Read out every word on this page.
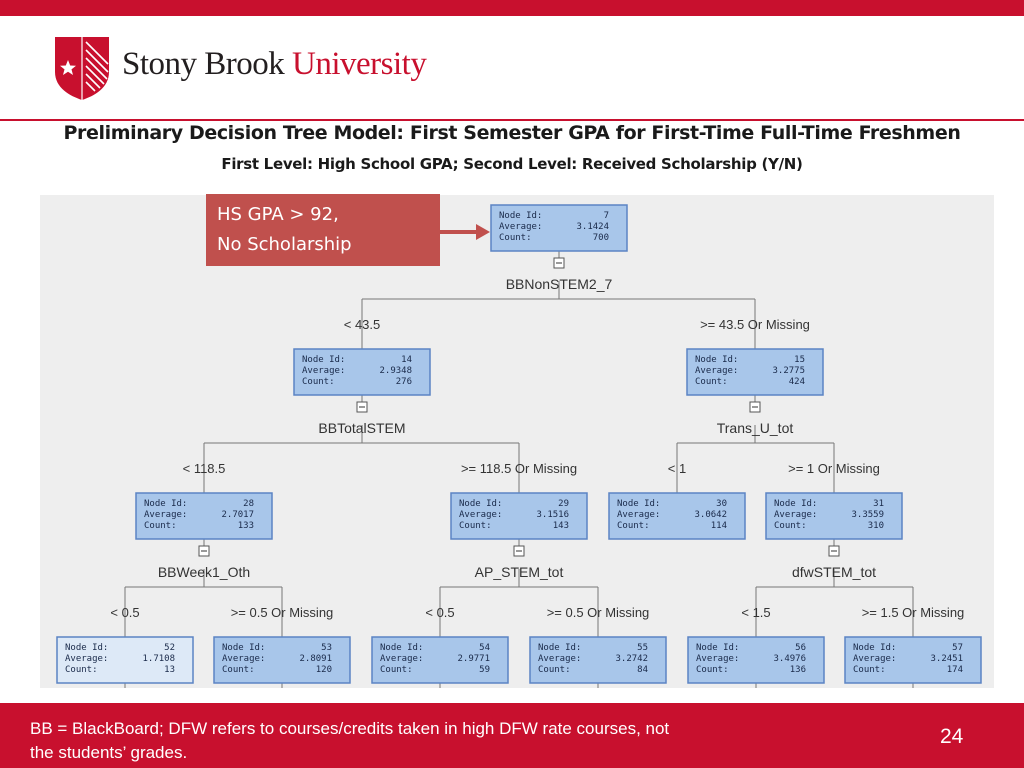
Stony Brook University
Preliminary Decision Tree Model: First Semester GPA for First-Time Full-Time Freshmen
First Level: High School GPA; Second Level: Received Scholarship (Y/N)
Node Id:	7
Average:	3.1424
Count:	700
Node Id:	14
Average:	2.9348
Count:	276
Node Id:	15
Average:	3.2775
Count:	424
Node Id:	28
Average:	2.7017
Count:	133
Node Id:	29
Average:	3.1516
Count:	143
Node Id:	30
Average:	3.0642
Count:	114
Node Id:	31
Average:	3.3559
Count:	310
Node Id:	52
Average:	1.7108
Count:	13
Node Id:	53
Average:	2.8091
Count:	120
Node Id:	54
Average:	2.9771
Count:	59
Node Id:	55
Average:	3.2742
Count:	84
Node Id:	56
Average:	3.4976
Count:	136
Node Id:	57
Average:	3.2451
Count:	174
BBNonSTEM2_7
BBTotalSTEM	Trans_U_tot
BBWeek1_Oth	AP_STEM_tot	dfwSTEM_tot
< 43.5	>= 43.5 Or Missing
< 118.5	>= 118.5 Or Missing	< 1	>= 1 Or Missing
< 0.5	>= 0.5 Or Missing	< 0.5	>= 0.5 Or Missing	< 1.5	>= 1.5 Or Missing
HS GPA > 92,
No Scholarship
BB = BlackBoard; DFW refers to courses/credits taken in high DFW rate courses, not the students’ grades.
24
